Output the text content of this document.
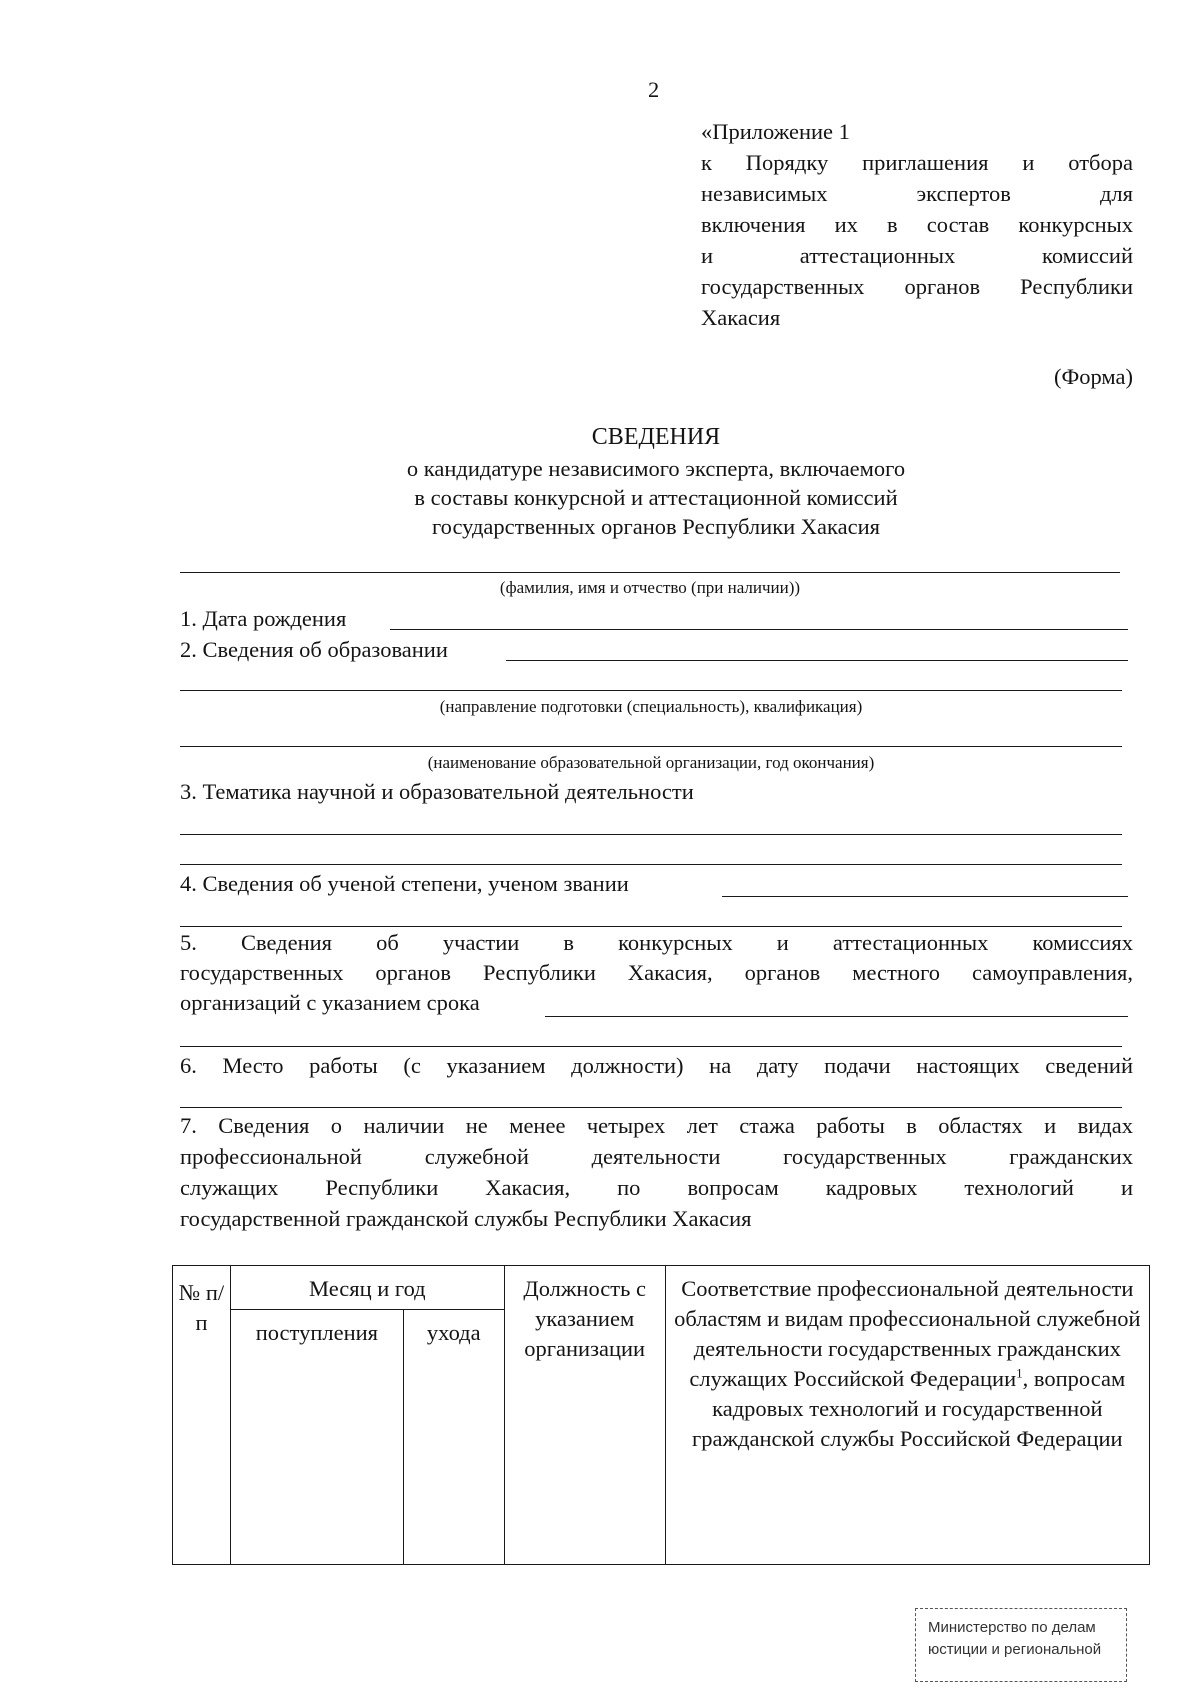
2
«Приложение 1
к Порядку приглашения и отбора
независимых экспертов для
включения их в состав конкурсных
и аттестационных комиссий
государственных органов Республики
Хакасия
(Форма)
СВЕДЕНИЯ
о кандидатуре независимого эксперта, включаемого
в составы конкурсной и аттестационной комиссий
государственных органов Республики Хакасия
(фамилия, имя и отчество (при наличии))
1. Дата рождения
2. Сведения об образовании
(направление подготовки (специальность), квалификация)
(наименование образовательной организации, год окончания)
3. Тематика научной и образовательной деятельности
4. Сведения об ученой степени, ученом звании
5. Сведения об участии в конкурсных и аттестационных комиссиях
государственных органов Республики Хакасия, органов местного самоуправления,
организаций с указанием срока
6. Место работы (с указанием должности) на дату подачи настоящих сведений
7. Сведения о наличии не менее четырех лет стажа работы в областях и видах
профессиональной служебной деятельности государственных гражданских
служащих Республики Хакасия, по вопросам кадровых технологий и
государственной гражданской службы Республики Хакасия
№ п/п	Месяц и год		Должность с указанием организации	Соответствие профессиональной деятельности областям и видам профессиональной служебной деятельности государственных гражданских служащих Российской Федерации$^1$, вопросам кадровых технологий и государственной гражданской службы Российской Федерации
	поступления	ухода		
Министерство по делам
юстиции и региональной
